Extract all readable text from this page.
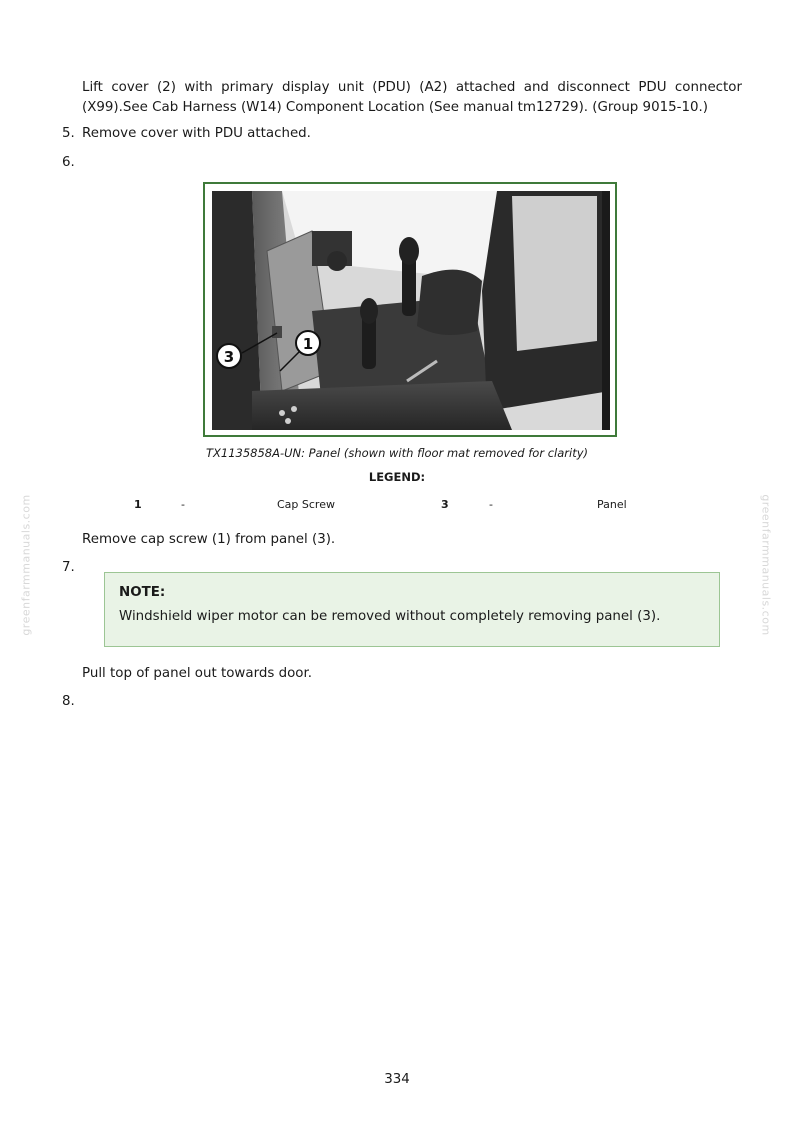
Lift cover (2) with primary display unit (PDU) (A2) attached and disconnect PDU connector (X99).See Cab Harness (W14) Component Location (See manual tm12729). (Group 9015-10.)

5. Remove cover with PDU attached.
6.
3
1
TX1135858A-UN: Panel (shown with floor mat removed for clarity)
LEGEND:
1	-	Cap Screw	3	-	Panel
Remove cap screw (1) from panel (3).
7.
NOTE:
Windshield wiper motor can be removed without completely removing panel (3).
Pull top of panel out towards door.
8.
greenfarmmanuals.com	greenfarmmanuals.com
334
